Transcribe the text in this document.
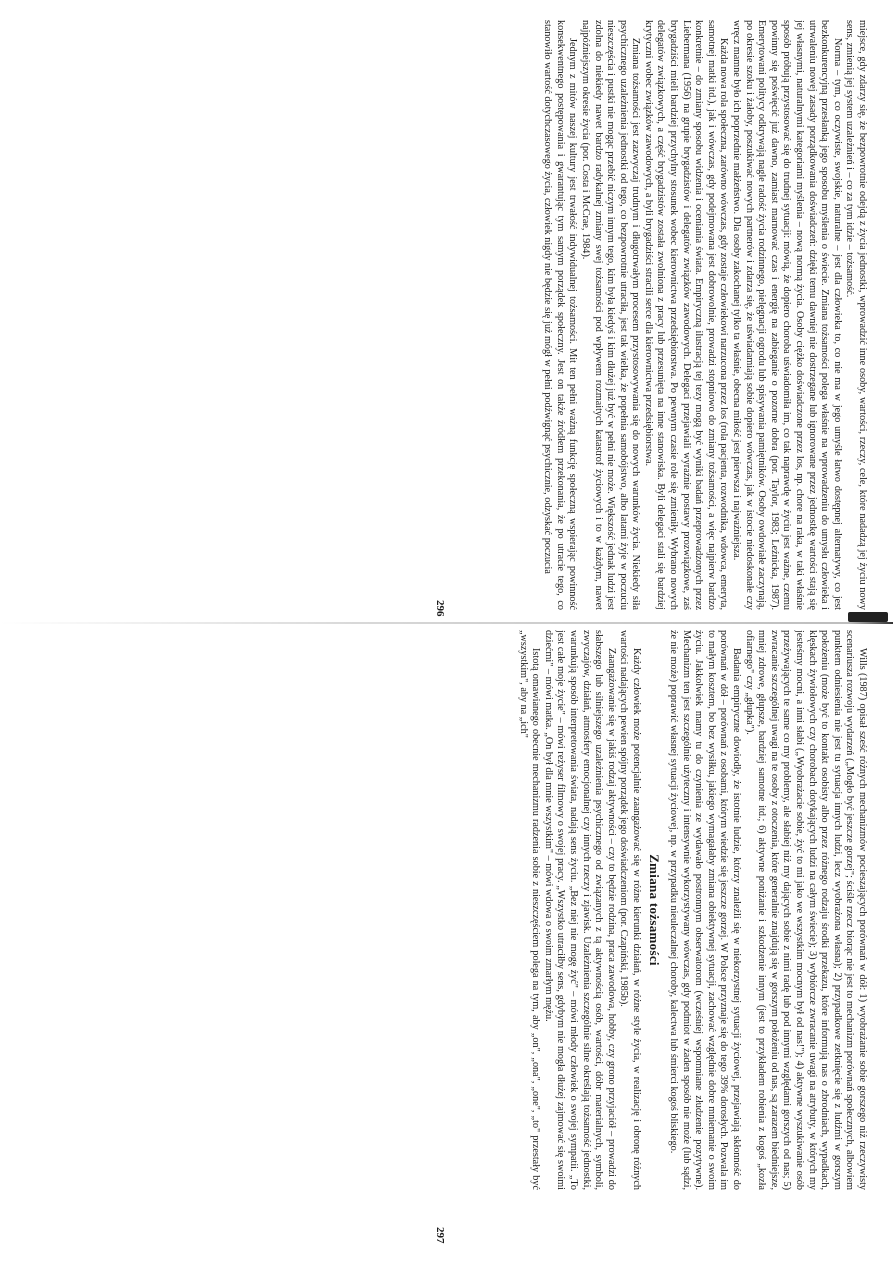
miejsce, gdy zdarzy się, że bezpowrotnie odejdą z życia jednostki, wprowadzić inne osoby, wartości, rzeczy, cele, które nadadzą jej życiu nowy sens, zmienią jej system uzależnień i – co za tym idzie – tożsamość.

Norma – tym, co oczywiste, swojskie, naturalne – jest dla człowieka to, co nie ma w jego umyśle łatwo dostępnej alternatywy, co jest bezkonkurencyjną przesłanką jego sposobu myślenia o świecie. Zmiana tożsamości polega właśnie na wprowadzeniu do umysłu człowieka i utrwaleniu nowej zasady porządkowania doświadczeń: dzięki temu dawniej nie dostrzegane lub ignorowane przez jednostkę wartości stają się jej własnymi, naturalnymi kategoriami myślenia – nową normą życia. Osoby ciężko doświadczone przez los, np. chore na raka, w taki właśnie sposób próbują przystosować się do trudnej sytuacji: mówią, że dopiero choroba uświadomiła im, co tak naprawdę w życiu jest ważne, czemu powinny się poświęcić już dawno, zamiast marnować czas i energię na zabieganie o pozorne dobra (por. Taylor, 1983; Leźnicka, 1987). Emerytowani politycy odkrywają nagle radość życia rodzinnego, pielęgnacji ogrodu lub spisywania pamiętników. Osoby owdowiałe zaczynają, po okresie szoku i żałoby, poszukiwać nowych partnerów i zdarza się, że uświadamiają sobie dopiero wówczas, jak w istocie niedoskonałe czy wręcz mamne było ich poprzednie małżeństwo. Dla osoby zakochanej tylko ta właśnie, obecna miłość jest pierwsza i najważniejsza.

Każda nowa rola społeczna, zarówno wówczas, gdy zostaje człowiekowi narzucona przez los (rola pacjenta, rozwodnika, wdowca, emeryta, samotnej matki itd.), jak i wówczas, gdy podejmowana jest dobrowolnie, prowadzi stopniowo do zmiany tożsamości, a więc najpierw bardzo konkretnie – do zmiany sposobu widzenia i oceniania świata. Empiryczną ilustracją tej tezy mogą być wyniki badań przeprowadzonych przez Liebermana (1956) na grupie brygadzistów i delegatów związków zawodowych. Delegaci przejawiali wyraźnie postawy prozwiązkowe, zaś brygadziści mieli bardziej przychylny stosunek wobec kierownictwa przedsiębiorstwa. Po pewnym czasie role się zmieniły. Wybrano nowych delegatów związkowych, a część brygadzistów została zwolniona z pracy lub przesunięta na inne stanowiska. Byli delegaci stali się bardziej krytyczni wobec związków zawodowych, a byli brygadziści stracili serce dla kierownictwa przedsiębiorstwa.

Zmiana tożsamości jest zazwyczaj trudnym i długotrwałym procesem przystosowywania się do nowych warunków życia. Niekiedy siła psychicznego uzależnienia jednostki od tego, co bezpowrotnie utraciła, jest tak wielka, że popełnia samobójstwo, albo latami żyje w poczuciu nieszczęścia i pustki nie mogąc przebić niczym innym tego, kim była kiedyś i kim dłużej już być w pełni nie może. Większość jednak ludzi jest zdolna do niekiedy nawet bardzo radykalnej zmiany swej tożsamości pod wpływem rozmaitych katastrof życiowych i to w każdym, nawet najpóźniejszym okresie życia (por. Costa i McCrae, 1984).

Jednym z mitów naszej kultury jest trwałość indywidualnej tożsamości. Mit ten pełni ważną funkcję społeczną wspierając powinność konsekwentnego postępowania i gwarantując tym samym porządek społeczny. Jest on także źródłem przekonania, że po utracie tego, co stanowiło wartość dotychczasowego życia, człowiek nigdy nie będzie się już mógł w pełni podźwignąć psychicznie, odzyskać poczucia

Wills (1987) opisał sześć różnych mechanizmów pocieszających porównań w dół: 1) wyobrażanie sobie gorszego niż rzeczywisty scenariusza rozwoju wydarzeń („Mogło być jeszcze gorzej"; ściśle rzecz biorąc nie jest to mechanizm porównań społecznych, albowiem punktem odniesienia nie jest tu sytuacja innych ludzi, lecz wyobrażona własna); 2) przypadkowe zetknięcie się z ludźmi w gorszym położeniu (może być to kontakt osobisty albo przez różnego rodzaju środki przekazu, które informują nas o zbrodniach, wypadkach, klęskach żywiołowych czy chorobach dotykających ludzi na całym świecie); 3) wybiórcze zwracanie uwagi na atrybuty, w których my jesteśmy mocni, a inni słabi („Wyobrażacie sobie, żyć to mi jako we wszystkim mocnym był od nas!"); 4) aktywne wyszukiwanie osób przeżywających te same co my problemy, ale słabiej niż my dających sobie z nimi radę lub pod innymi względami gorszych od nas; 5) zwracanie szczególnej uwagi na te osoby z otoczenia, które generalnie znajdują się w gorszym położeniu od nas, są zarazem biedniejsze, mniej zdrowe, głupsze, bardziej samotne itd.; 6) aktywne poniżanie i szkodzenie innym (jest to przykładem robienia z kogoś „kozła ofiarnego" czy „głupka").

Badania empiryczne dowiodły, że istotnie ludzie, którzy znaleźli się w niekorzystnej sytuacji życiowej, przejawiają skłonność do porównań w dół – porównań z osobami, którym wiedzie się jeszcze gorzej. W Polsce przyznaje się do tego 39% dorosłych. Pozwala im to małym kosztem, bo bez wysiłku, jakiego wymagałaby zmiana obiektywnej sytuacji, zachować względnie dobre mniemanie o swoim życiu. Jakkolwiek mamy tu do czynienia ze wydawało postronnym obserwatorom (wcześniej wspomniane złudzenie pozytywne). Mechanizm ten jest szczególnie użyteczny i intensywnie wykorzystywany wówczas, gdy podmiot w żaden sposób nie może (lub sądzi, że nie może) poprawić własnej sytuacji życiowej, np. w przypadku nieuleczalnej choroby, kalectwa lub śmierci kogoś bliskiego.

Zmiana tożsamości

Każdy człowiek może potencjalnie zaangażować się w różne kierunki działań, w różne style życia, w realizację i obronę różnych wartości nadających pewien spójny porządek jego doświadczeniom (por. Czapiński, 1985b).

Zaangażowanie się w jakiś rodzaj aktywności – czy to będzie rodzina, praca zawodowa, hobby, czy grono przyjaciół – prowadzi do słabszego lub silniejszego uzależnienia psychicznego od związanych z tą aktywnością osób, wartości, dóbr materialnych, symboli, zwyczajów, działań, atmosfery emocjonalnej czy innych rzeczy i zjawisk. Uzależnienia szczególnie silne określają tożsamość jednostki, warunkują sposób interpretowania świata, nadają sens życiu. „Bez niej nie mogę żyć" – mówi młody człowiek o swojej sympatii. „To jest całe moje życie" – mówi reżyser filmowy o swojej pracy. „Wszystko utraciłby sens, gdybym nie mogła dłużej zajmować się swoimi dziećmi" – mówi matka. „On był dla mnie wszystkim" – mówi wdowa o swoim zmarłym mężu.

Istotą omawianego obecnie mechanizmu radzenia sobie z nieszczęściem polega na tym, aby „on", „ona", „one", „to" przestały być „wszystkim", aby na „ich"

296
297
